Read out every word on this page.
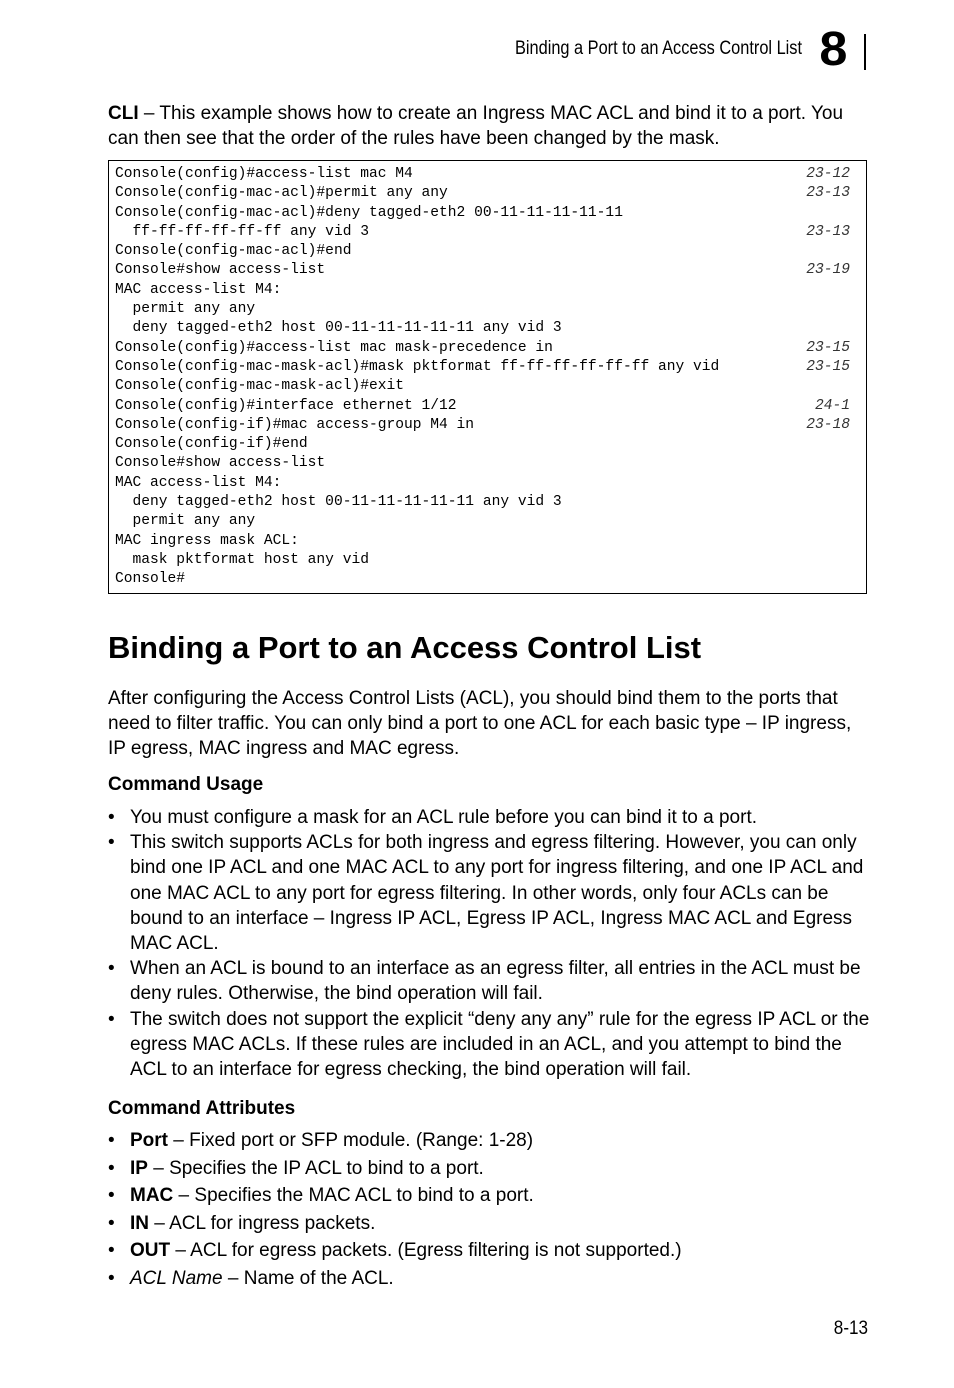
Binding a Port to an Access Control List 8

CLI – This example shows how to create an Ingress MAC ACL and bind it to a port. You can then see that the order of the rules have been changed by the mask.

Console(config)#access-list mac M4	23-12
Console(config-mac-acl)#permit any any	23-13
Console(config-mac-acl)#deny tagged-eth2 00-11-11-11-11-11
ff-ff-ff-ff-ff-ff any vid 3	23-13
Console(config-mac-acl)#end
Console#show access-list	23-19
MAC access-list M4:
permit any any
deny tagged-eth2 host 00-11-11-11-11-11 any vid 3
Console(config)#access-list mac mask-precedence in	23-15
Console(config-mac-mask-acl)#mask pktformat ff-ff-ff-ff-ff-ff any vid	23-15
Console(config-mac-mask-acl)#exit
Console(config)#interface ethernet 1/12	24-1
Console(config-if)#mac access-group M4 in	23-18
Console(config-if)#end
Console#show access-list
MAC access-list M4:
deny tagged-eth2 host 00-11-11-11-11-11 any vid 3
permit any any
MAC ingress mask ACL:
mask pktformat host any vid
Console#
Binding a Port to an Access Control List

After configuring the Access Control Lists (ACL), you should bind them to the ports that need to filter traffic. You can only bind a port to one ACL for each basic type – IP ingress, IP egress, MAC ingress and MAC egress.

Command Usage
• You must configure a mask for an ACL rule before you can bind it to a port.
• This switch supports ACLs for both ingress and egress filtering. However, you can only bind one IP ACL and one MAC ACL to any port for ingress filtering, and one IP ACL and one MAC ACL to any port for egress filtering. In other words, only four ACLs can be bound to an interface – Ingress IP ACL, Egress IP ACL, Ingress MAC ACL and Egress MAC ACL.
• When an ACL is bound to an interface as an egress filter, all entries in the ACL must be deny rules. Otherwise, the bind operation will fail.
• The switch does not support the explicit “deny any any” rule for the egress IP ACL or the egress MAC ACLs. If these rules are included in an ACL, and you attempt to bind the ACL to an interface for egress checking, the bind operation will fail.
Command Attributes
• Port – Fixed port or SFP module. (Range: 1-28)
• IP – Specifies the IP ACL to bind to a port.
• MAC – Specifies the MAC ACL to bind to a port.
• IN – ACL for ingress packets.
• OUT – ACL for egress packets. (Egress filtering is not supported.)
• ACL Name – Name of the ACL.
8-13
